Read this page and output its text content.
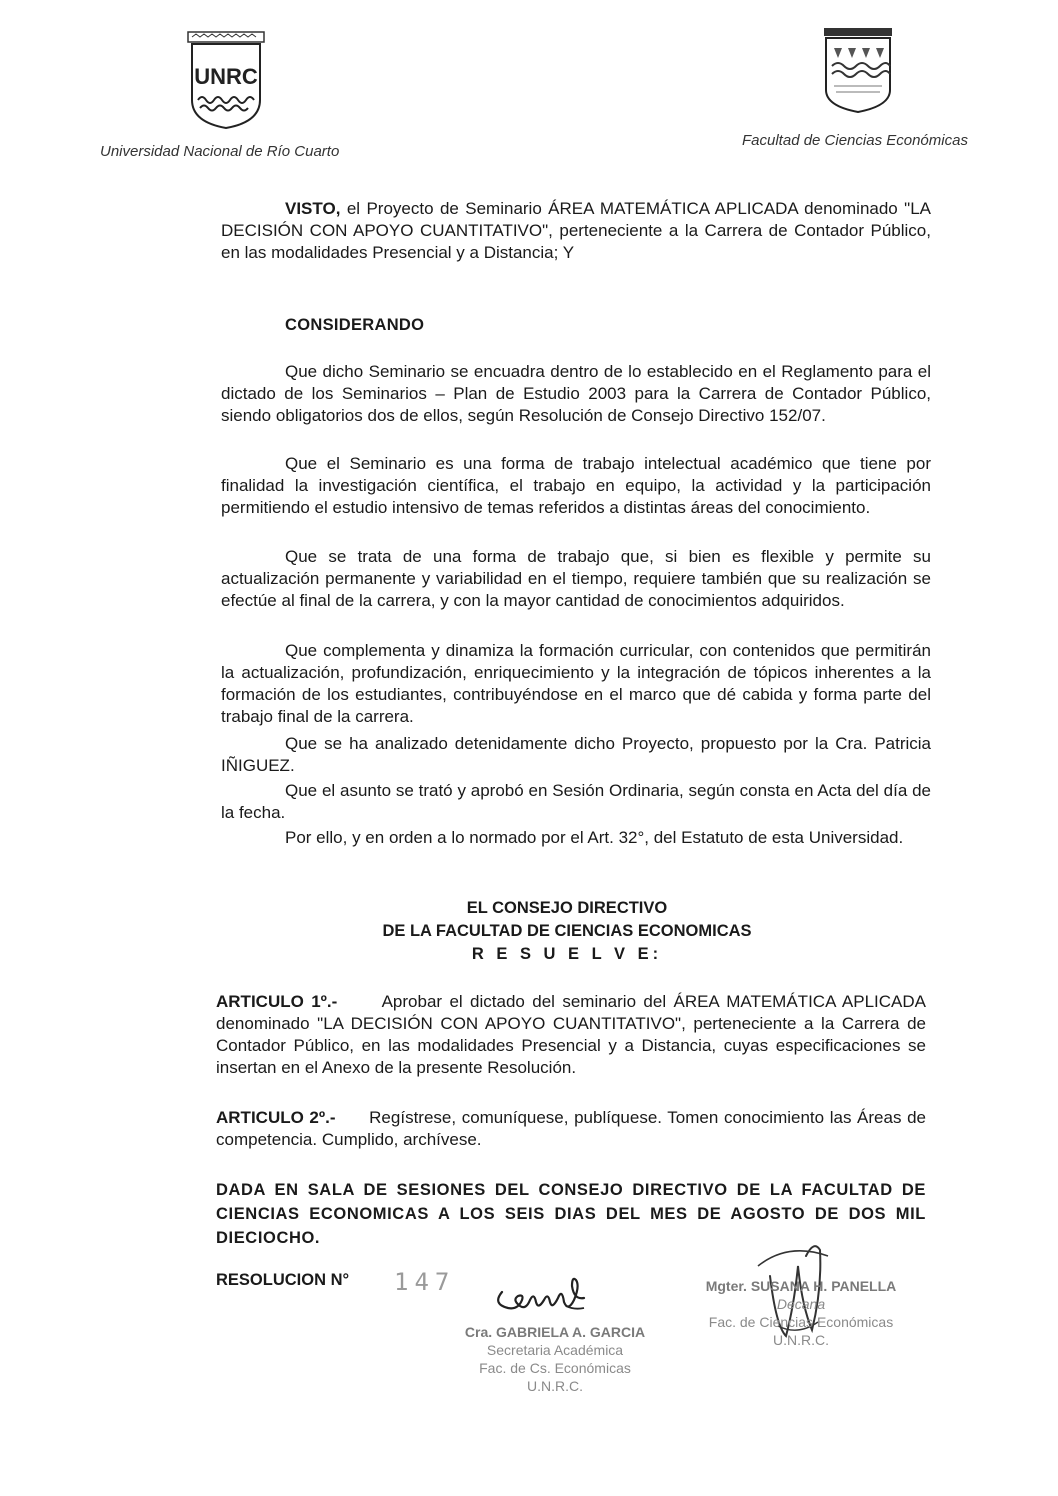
UNRC
Universidad Nacional de Río Cuarto
Facultad de Ciencias Económicas

VISTO, el Proyecto de Seminario ÁREA MATEMÁTICA APLICADA denominado "LA DECISIÓN CON APOYO CUANTITATIVO", perteneciente a la Carrera de Contador Público, en las modalidades Presencial y a Distancia; Y

CONSIDERANDO

Que dicho Seminario se encuadra dentro de lo establecido en el Reglamento para el dictado de los Seminarios – Plan de Estudio 2003 para la Carrera de Contador Público, siendo obligatorios dos de ellos, según Resolución de Consejo Directivo 152/07.

Que el Seminario es una forma de trabajo intelectual académico que tiene por finalidad la investigación científica, el trabajo en equipo, la actividad y la participación permitiendo el estudio intensivo de temas referidos a distintas áreas del conocimiento.

Que se trata de una forma de trabajo que, si bien es flexible y permite su actualización permanente y variabilidad en el tiempo, requiere también que su realización se efectúe al final de la carrera, y con la mayor cantidad de conocimientos adquiridos.

Que complementa y dinamiza la formación curricular, con contenidos que permitirán la actualización, profundización, enriquecimiento y la integración de tópicos inherentes a la formación de los estudiantes, contribuyéndose en el marco que dé cabida y forma parte del trabajo final de la carrera.

Que se ha analizado detenidamente dicho Proyecto, propuesto por la Cra. Patricia IÑIGUEZ.

Que el asunto se trató y aprobó en Sesión Ordinaria, según consta en Acta del día de la fecha.

Por ello, y en orden a lo normado por el Art. 32°, del Estatuto de esta Universidad.

EL CONSEJO DIRECTIVO
DE LA FACULTAD DE CIENCIAS ECONOMICAS
R E S U E L V E:

ARTICULO 1º.-	Aprobar el dictado del seminario del ÁREA MATEMÁTICA APLICADA denominado "LA DECISIÓN CON APOYO CUANTITATIVO", perteneciente a la Carrera de Contador Público, en las modalidades Presencial y a Distancia, cuyas especificaciones se insertan en el Anexo de la presente Resolución.

ARTICULO 2º.- Regístrese, comuníquese, publíquese. Tomen conocimiento las Áreas de competencia. Cumplido, archívese.

DADA EN SALA DE SESIONES DEL CONSEJO DIRECTIVO DE LA FACULTAD DE CIENCIAS ECONOMICAS A LOS SEIS DIAS DEL MES DE AGOSTO DE DOS MIL DIECIOCHO.

RESOLUCION N° 147
Cra. GABRIELA A. GARCIA
Secretaria Académica
Fac. de Cs. Económicas
U.N.R.C.
Mgter. SUSANA H. PANELLA
Decana
Fac. de Ciencias Económicas
U.N.R.C.
